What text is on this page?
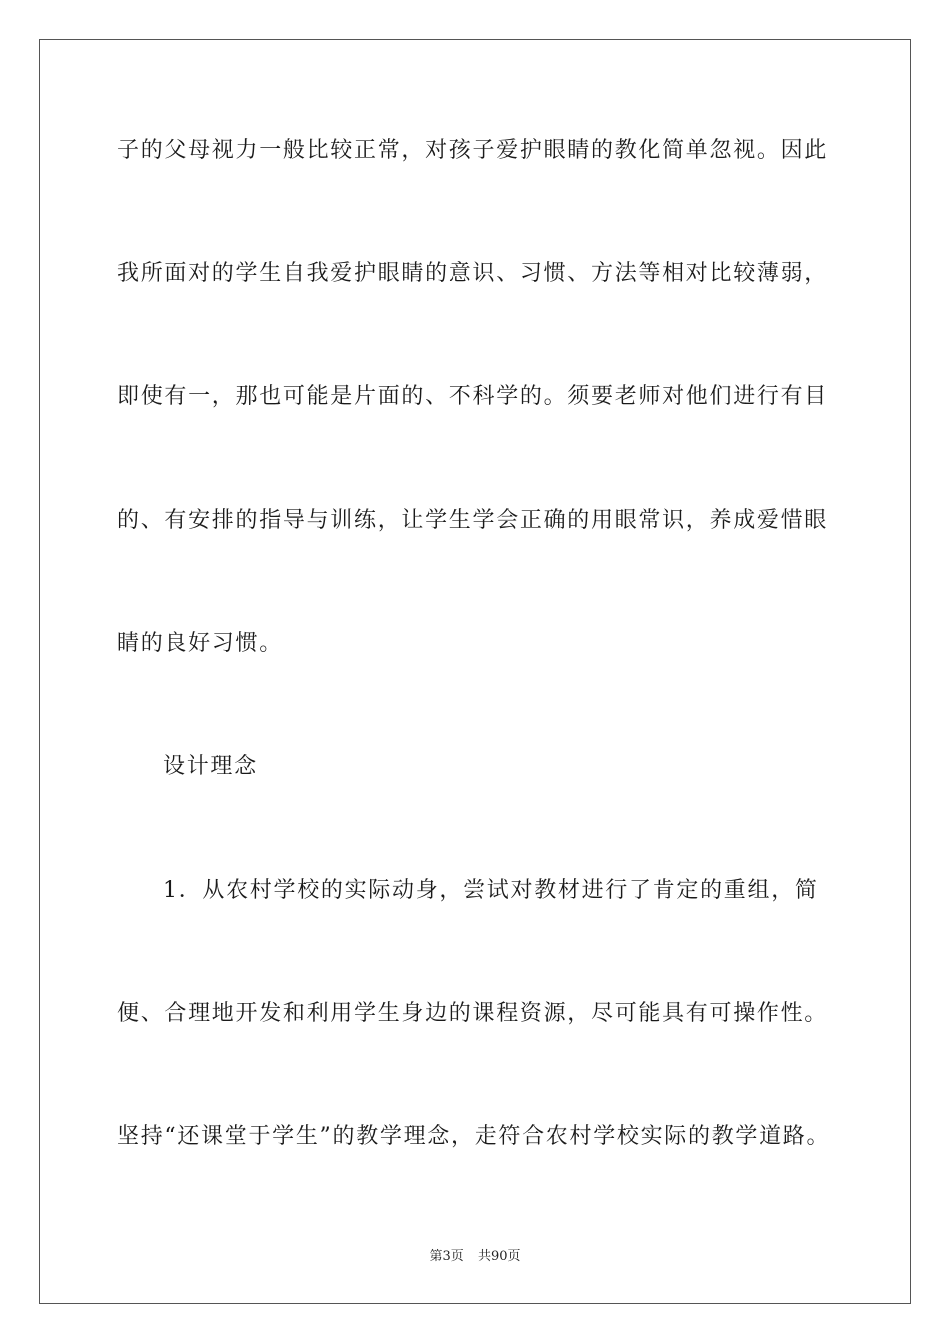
子的父母视力一般比较正常，对孩子爱护眼睛的教化简单忽视。因此
我所面对的学生自我爱护眼睛的意识、习惯、方法等相对比较薄弱，
即使有一，那也可能是片面的、不科学的。须要老师对他们进行有目
的、有安排的指导与训练，让学生学会正确的用眼常识，养成爱惜眼
睛的良好习惯。
设计理念
1．从农村学校的实际动身，尝试对教材进行了肯定的重组，简
便、合理地开发和利用学生身边的课程资源，尽可能具有可操作性。
坚持“还课堂于学生”的教学理念，走符合农村学校实际的教学道路。
第3页 共90页
